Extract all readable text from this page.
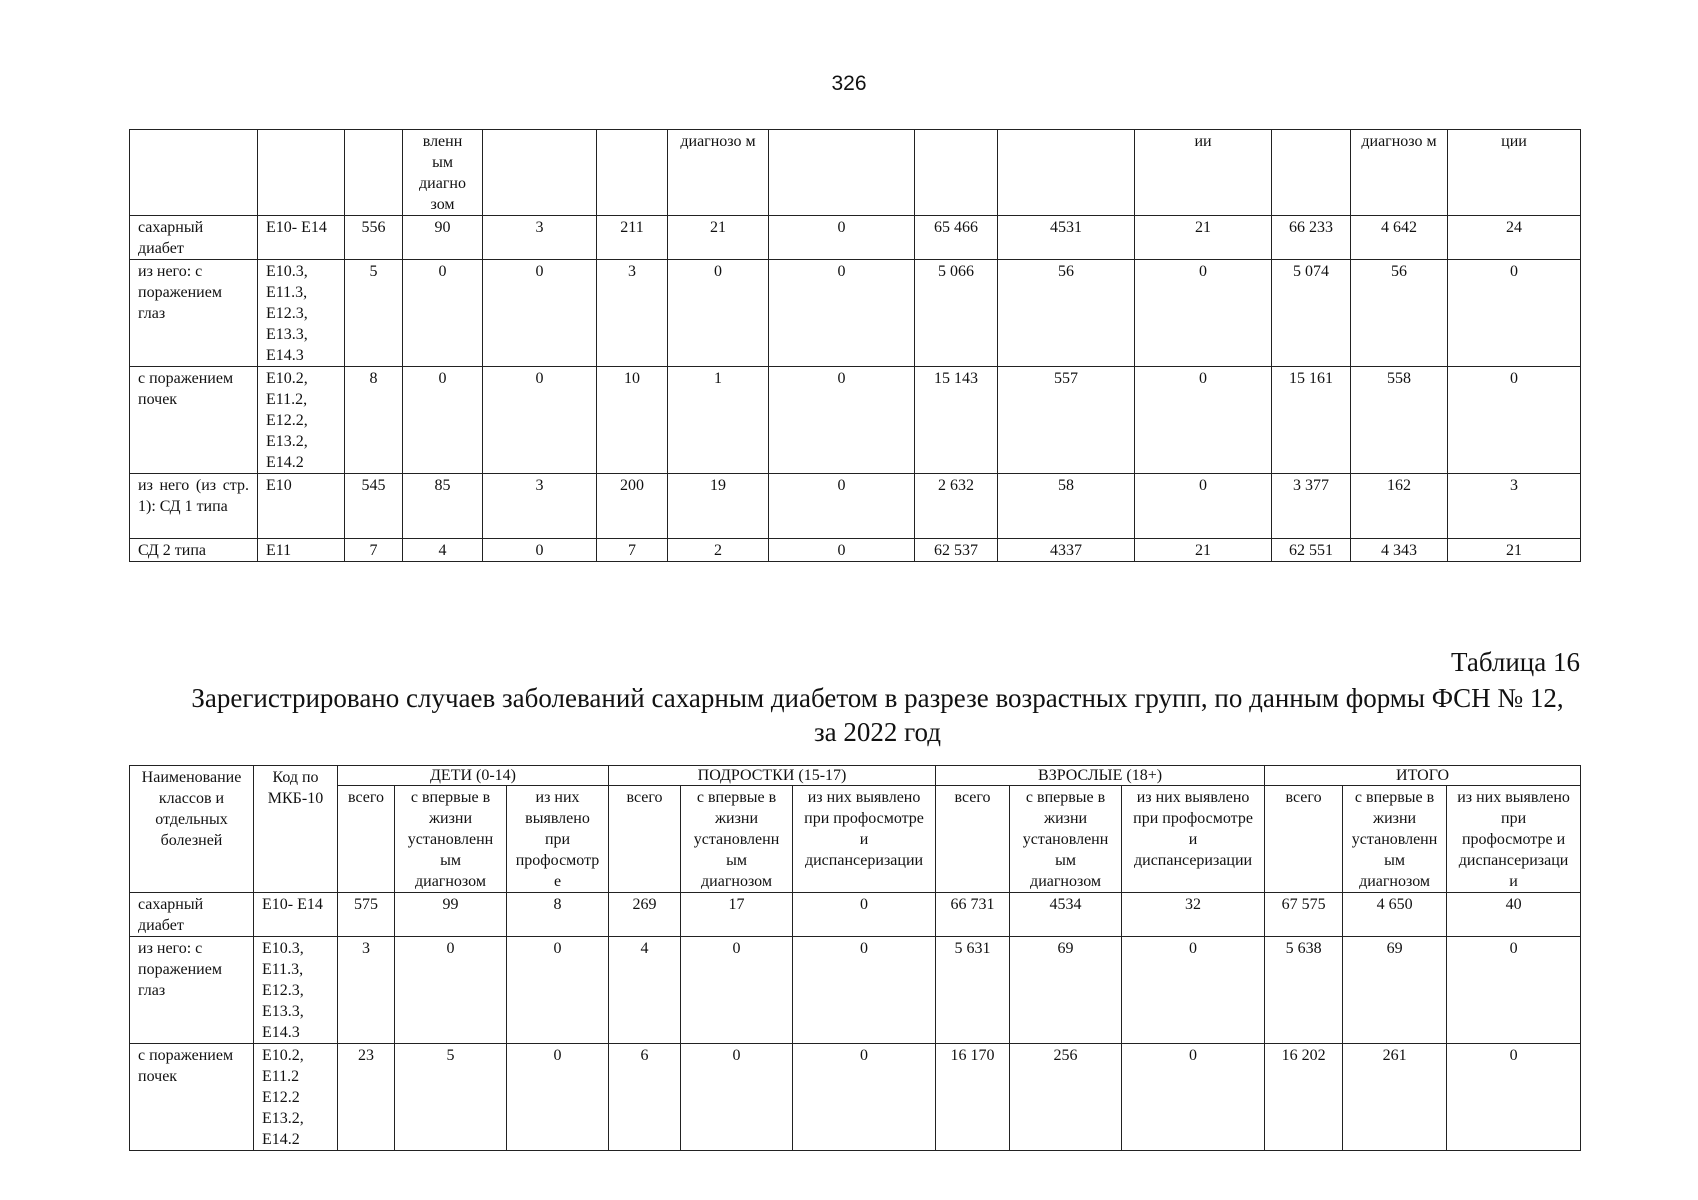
326
			вленн ым диагно зом			диагнозо м				ии		диагнозо м	ции
сахарный диабет	E10- E14	556	90	3	211	21	0	65 466	4531	21	66 233	4 642	24
из него: с поражением глаз	E10.3, E11.3, E12.3, E13.3, E14.3	5	0	0	3	0	0	5 066	56	0	5 074	56	0
с поражением почек	E10.2, E11.2, E12.2, E13.2, E14.2	8	0	0	10	1	0	15 143	557	0	15 161	558	0
из него (из стр. 1): СД 1 типа	E10	545	85	3	200	19	0	2 632	58	0	3 377	162	3
СД 2 типа	E11	7	4	0	7	2	0	62 537	4337	21	62 551	4 343	21
Таблица 16
Зарегистрировано случаев заболеваний сахарным диабетом в разрезе возрастных групп, по данным формы ФСН № 12, за 2022 год
Наименование классов и отдельных болезней	Код по МКБ-10	ДЕТИ (0-14)			ПОДРОСТКИ (15-17)			ВЗРОСЛЫЕ (18+)			ИТОГО		
		всего	с впервые в жизни установленным диагнозом	из них выявлено при профосмотре	всего	с впервые в жизни установленным диагнозом	из них выявлено при профосмотре и диспансеризации	всего	с впервые в жизни установленным диагнозом	из них выявлено при профосмотре и диспансеризации	всего	с впервые в жизни установленным диагнозом	из них выявлено при профосмотре и диспансеризации
сахарный диабет	E10- E14	575	99	8	269	17	0	66 731	4534	32	67 575	4 650	40
из него: с поражением глаз	E10.3, E11.3, E12.3, E13.3, E14.3	3	0	0	4	0	0	5 631	69	0	5 638	69	0
с поражением почек	E10.2, E11.2 E12.2 E13.2, E14.2	23	5	0	6	0	0	16 170	256	0	16 202	261	0
